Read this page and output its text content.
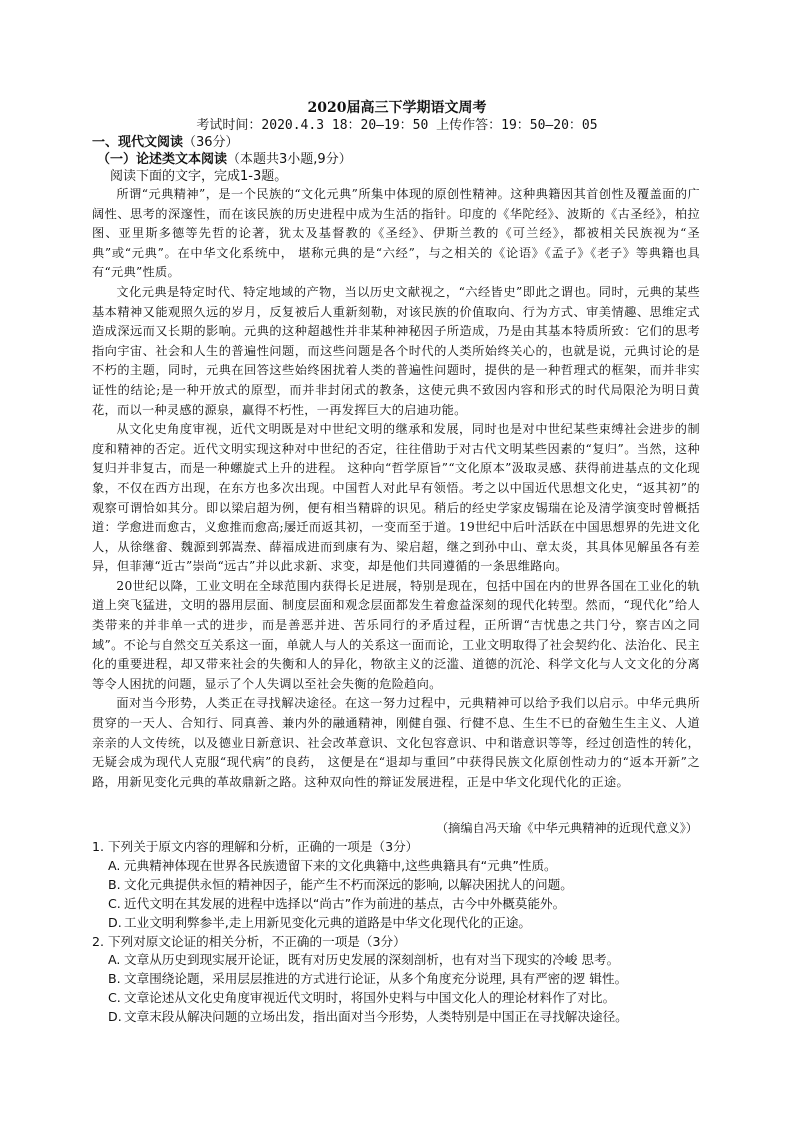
2020届高三下学期语文周考
考试时间：2020.4.3 18：20—19：50 上传作答：19：50—20：05
一、现代文阅读（36分）
（一）论述类文本阅读（本题共3小题,9分）
阅读下面的文字，完成1-3题。

所谓“元典精神”，是一个民族的“文化元典”所集中体现的原创性精神。这种典籍因其首创性及覆盖面的广阔性、思考的深邃性，而在该民族的历史进程中成为生活的指针。印度的《华陀经》、波斯的《古圣经》，柏拉图、亚里斯多德等先哲的论著，犹太及基督教的《圣经》、伊斯兰教的《可兰经》，都被相关民族视为“圣典”或“元典”。在中华文化系统中， 堪称元典的是“六经”，与之相关的《论语》《孟子》《老子》等典籍也具有“元典”性质。

文化元典是特定时代、特定地域的产物，当以历史文献视之，“六经皆史”即此之谓也。同时，元典的某些基本精神又能观照久远的岁月，反复被后人重新刻勒，对该民族的价值取向、行为方式、审美情趣、思维定式造成深远而又长期的影响。元典的这种超越性并非某种神秘因子所造成，乃是由其基本特质所致：它们的思考指向宇宙、社会和人生的普遍性问题，而这些问题是各个时代的人类所始终关心的，也就是说，元典讨论的是不朽的主题，同时，元典在回答这些始终困扰着人类的普遍性问题时，提供的是一种哲理式的框架，而并非实证性的结论;是一种开放式的原型，而并非封闭式的教条，这使元典不致因内容和形式的时代局限沦为明日黄花，而以一种灵感的源泉，赢得不朽性，一再发挥巨大的启迪功能。

从文化史角度审视，近代文明既是对中世纪文明的继承和发展，同时也是对中世纪某些束缚社会进步的制度和精神的否定。近代文明实现这种对中世纪的否定，往往借助于对古代文明某些因素的“复归”。当然，这种复归并非复古，而是一种螺旋式上升的进程。 这种向“哲学原旨”“文化原本”汲取灵感、获得前进基点的文化现象，不仅在西方出现，在东方也多次出现。中国哲人对此早有领悟。考之以中国近代思想文化史，“返其初”的观察可谓恰如其分。即以梁启超为例，便有相当精辟的识见。稍后的经史学家皮锡瑞在论及清学演变时曾概括道：学愈进而愈古，义愈推而愈高;屡迁而返其初，一变而至于道。19世纪中后叶活跃在中国思想界的先进文化人，从徐继畲、魏源到郭嵩焘、薛福成进而到康有为、梁启超，继之到孙中山、章太炎，其具体见解虽各有差异，但菲薄“近古”崇尚“远古”并以此求新、求变，却是他们共同遵循的一条思维路向。

20世纪以降，工业文明在全球范围内获得长足进展，特别是现在，包括中国在内的世界各国在工业化的轨道上突飞猛进，文明的器用层面、制度层面和观念层面都发生着愈益深刻的现代化转型。然而，“现代化”给人类带来的并非单一式的进步，而是善恶并进、苦乐同行的矛盾过程，正所谓“吉忧患之共门兮，察吉凶之同域”。不论与自然交互关系这一面，单就人与人的关系这一面而论，工业文明取得了社会契约化、法治化、民主化的重要进程，却又带来社会的失衡和人的异化，物欲主义的泛滥、道德的沉沦、科学文化与人文文化的分离等令人困扰的问题，显示了个人失调以至社会失衡的危险趋向。

面对当今形势，人类正在寻找解决途径。在这一努力过程中，元典精神可以给予我们以启示。中华元典所贯穿的一天人、合知行、同真善、兼内外的融通精神，刚健自强、行健不息、生生不已的奋勉生生主义、人道亲亲的人文传统，以及德业日新意识、社会改革意识、文化包容意识、中和谐意识等等，经过创造性的转化，无疑会成为现代人克服“现代病”的良药， 这便是在“退却与重回”中获得民族文化原创性动力的“返本开新”之路，用新见变化元典的革故鼎新之路。这种双向性的辩证发展进程，正是中华文化现代化的正途。

（摘编自冯天瑜《中华元典精神的近现代意义》）

1. 下列关于原文内容的理解和分析，正确的一项是（3分）

A. 元典精神体现在世界各民族遗留下来的文化典籍中,这些典籍具有“元典”性质。

B. 文化元典提供永恒的精神因子，能产生不朽而深远的影响, 以解决困扰人的问题。

C. 近代文明在其发展的进程中选择以“尚古”作为前进的基点，古今中外概莫能外。

D. 工业文明利弊参半,走上用新见变化元典的道路是中华文化现代化的正途。

2. 下列对原文论证的相关分析，不正确的一项是（3分）

A. 文章从历史到现实展开论证，既有对历史发展的深刻剖析，也有对当下现实的冷峻 思考。

B. 文章围绕论题，采用层层推进的方式进行论证，从多个角度充分说理, 具有严密的逻 辑性。

C. 文章论述从文化史角度审视近代文明时，将国外史料与中国文化人的理论材料作了对比。

D. 文章末段从解决问题的立场出发，指出面对当今形势，人类特别是中国正在寻找解决途径。
